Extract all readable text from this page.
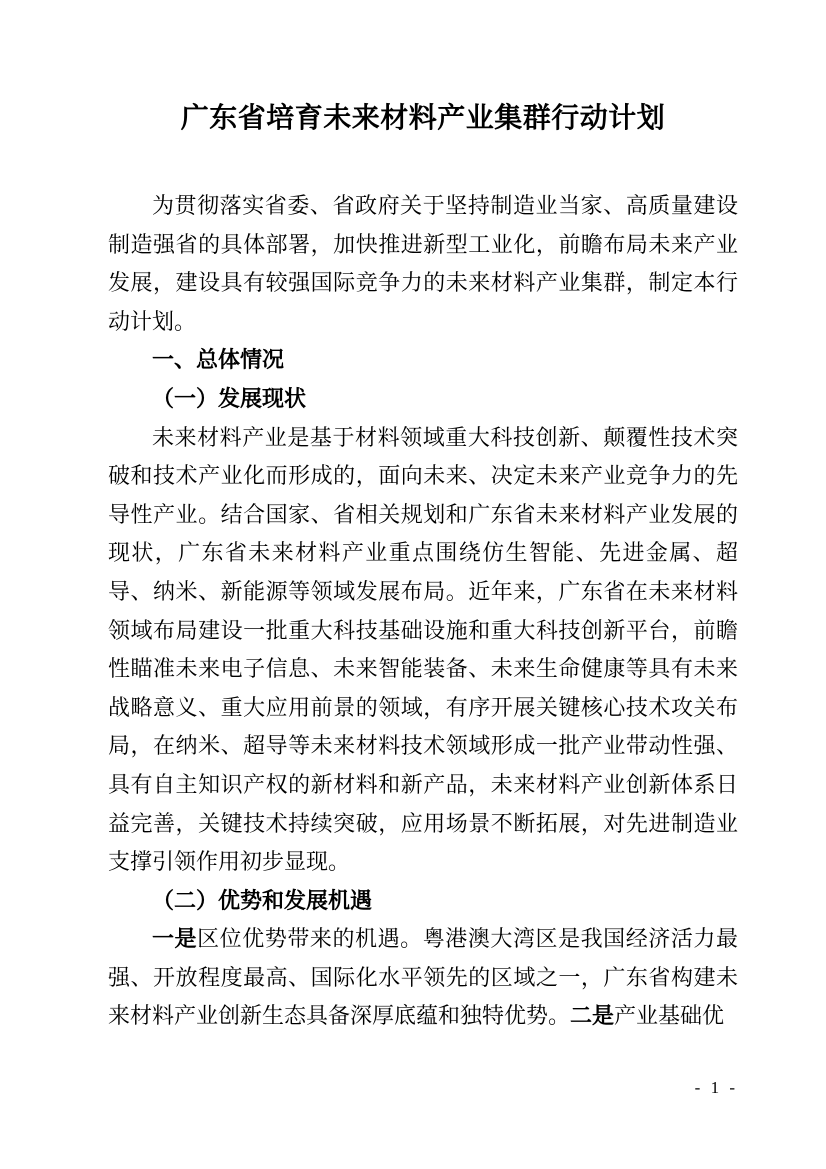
广东省培育未来材料产业集群行动计划

为贯彻落实省委、省政府关于坚持制造业当家、高质量建设制造强省的具体部署，加快推进新型工业化，前瞻布局未来产业发展，建设具有较强国际竞争力的未来材料产业集群，制定本行动计划。

一、总体情况
（一）发展现状

未来材料产业是基于材料领域重大科技创新、颠覆性技术突破和技术产业化而形成的，面向未来、决定未来产业竞争力的先导性产业。结合国家、省相关规划和广东省未来材料产业发展的现状，广东省未来材料产业重点围绕仿生智能、先进金属、超导、纳米、新能源等领域发展布局。近年来，广东省在未来材料领域布局建设一批重大科技基础设施和重大科技创新平台，前瞻性瞄准未来电子信息、未来智能装备、未来生命健康等具有未来战略意义、重大应用前景的领域，有序开展关键核心技术攻关布局，在纳米、超导等未来材料技术领域形成一批产业带动性强、具有自主知识产权的新材料和新产品，未来材料产业创新体系日益完善，关键技术持续突破，应用场景不断拓展，对先进制造业支撑引领作用初步显现。

（二）优势和发展机遇

一是区位优势带来的机遇。粤港澳大湾区是我国经济活力最强、开放程度最高、国际化水平领先的区域之一，广东省构建未来材料产业创新生态具备深厚底蕴和独特优势。二是产业基础优

- 1 -
